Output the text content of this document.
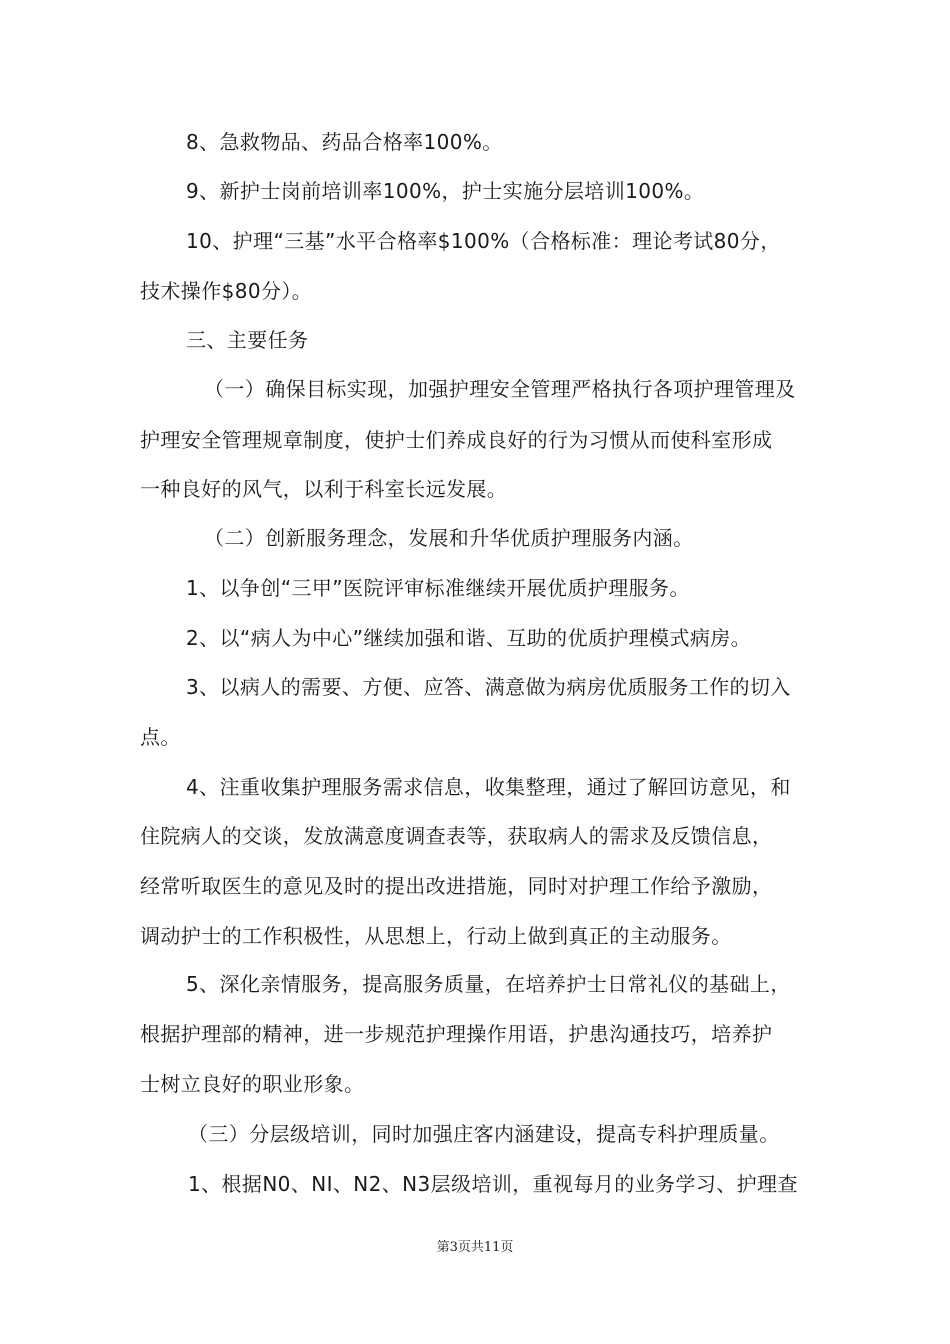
8、急救物品、药品合格率100%。
9、新护士岗前培训率100%，护士实施分层培训100%。
10、护理“三基”水平合格率$100%（合格标准：理论考试80分，
技术操作$80分）。
三、主要任务
（一）确保目标实现，加强护理安全管理严格执行各项护理管理及
护理安全管理规章制度，使护士们养成良好的行为习惯从而使科室形成
一种良好的风气，以利于科室长远发展。
（二）创新服务理念，发展和升华优质护理服务内涵。
1、以争创“三甲”医院评审标准继续开展优质护理服务。
2、以“病人为中心”继续加强和谐、互助的优质护理模式病房。
3、以病人的需要、方便、应答、满意做为病房优质服务工作的切入
点。
4、注重收集护理服务需求信息，收集整理，通过了解回访意见，和
住院病人的交谈，发放满意度调查表等，获取病人的需求及反馈信息，
经常听取医生的意见及时的提出改进措施，同时对护理工作给予激励，
调动护士的工作积极性，从思想上，行动上做到真正的主动服务。
5、深化亲情服务，提高服务质量，在培养护士日常礼仪的基础上，
根据护理部的精神，进一步规范护理操作用语，护患沟通技巧，培养护
士树立良好的职业形象。
（三）分层级培训，同时加强庄客内涵建设，提高专科护理质量。
1、根据N0、NI、N2、N3层级培训，重视每月的业务学习、护理查
第3页共11页
